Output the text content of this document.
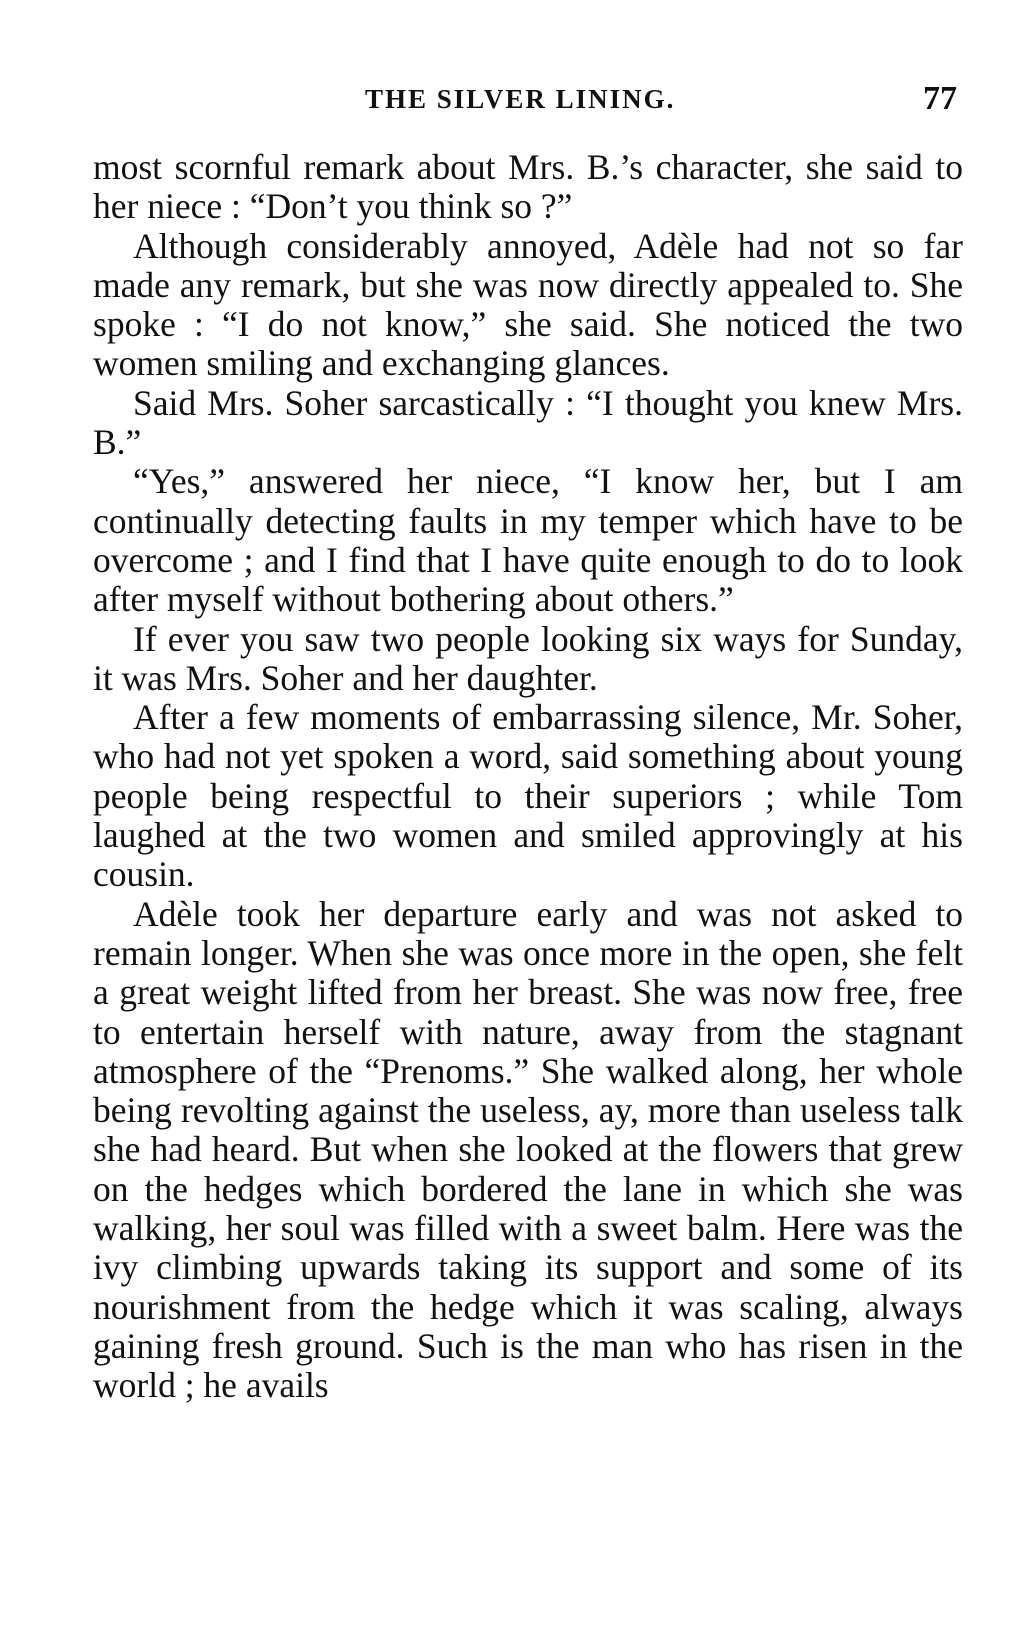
THE SILVER LINING.	77

most scornful remark about Mrs. B.’s character, she said to her niece : “Don’t you think so ?”

Although considerably annoyed, Adèle had not so far made any remark, but she was now directly appealed to. She spoke : “I do not know,” she said. She noticed the two women smiling and exchanging glances.

Said Mrs. Soher sarcastically : “I thought you knew Mrs. B.”

“Yes,” answered her niece, “I know her, but I am continually detecting faults in my temper which have to be overcome ; and I find that I have quite enough to do to look after myself without bothering about others.”

If ever you saw two people looking six ways for Sunday, it was Mrs. Soher and her daughter.

After a few moments of embarrassing silence, Mr. Soher, who had not yet spoken a word, said something about young people being respectful to their superiors ; while Tom laughed at the two women and smiled approvingly at his cousin.

Adèle took her departure early and was not asked to remain longer. When she was once more in the open, she felt a great weight lifted from her breast. She was now free, free to entertain herself with nature, away from the stagnant atmosphere of the “Prenoms.” She walked along, her whole being revolting against the useless, ay, more than useless talk she had heard. But when she looked at the flowers that grew on the hedges which bordered the lane in which she was walking, her soul was filled with a sweet balm. Here was the ivy climbing upwards taking its support and some of its nourishment from the hedge which it was scaling, always gaining fresh ground. Such is the man who has risen in the world ; he avails
